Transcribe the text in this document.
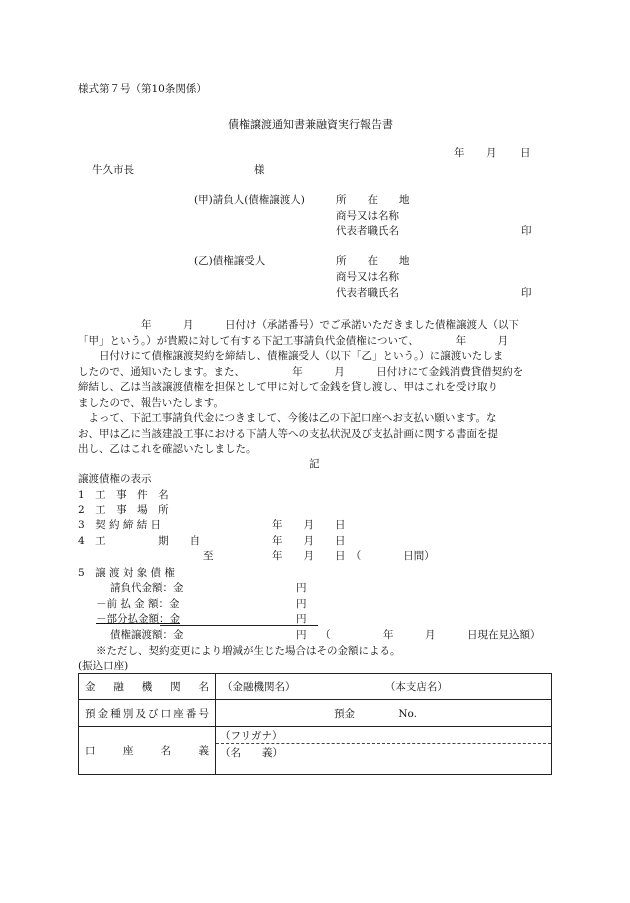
様式第７号（第10条関係）
債権譲渡通知書兼融資実行報告書
年 月 日
牛久市長	様
(甲)請負人(債権譲渡人)	所　　在　　地
商号又は名称
代表者職氏名	印
(乙)債権譲受人	所　　在　　地
商号又は名称
代表者職氏名	印

　　　　　　年　　　月　　　日付け（承諾番号）でご承諾いただきました債権譲渡人（以下

「甲」という。）が貴殿に対して有する下記工事請負代金債権について、　　　　年　　　月

　　日付けにて債権譲渡契約を締結し、債権譲受人（以下「乙」という。）に譲渡いたしま

したので、通知いたします。また、　　　　　年　　　月　　　日付けにて金銭消費貸借契約を

締結し、乙は当該譲渡債権を担保として甲に対して金銭を貸し渡し、甲はこれを受け取り

ましたので、報告いたします。

　よって、下記工事請負代金につきまして、今後は乙の下記口座へお支払い願います。な

お、甲は乙に当該建設工事における下請人等への支払状況及び支払計画に関する書面を提

出し、乙はこれを確認いたしました。

記
譲渡債権の表示
1　工　事　件　名
2　工　事　場　所
3　契 約 締 結 日	年　　月　　日
4　工　　　　　期　　自	年　　月　　日
至	年　　月　　日　（　　　　日間）
5　譲 渡 対 象 債 権
請負代金額：金	円
－前 払 金 額：金	円
－部分払金額：金	円
債権譲渡額：金	円 （　　　　　年　　　月　　　日現在見込額）
※ただし、契約変更により増減が生じた場合はその金額による。
(振込口座)
金融機関名	（金融機関名） （本支店名）
預金種別及び口座番号	預金 No.
口座名義	（フリガナ）
（名　　義）
